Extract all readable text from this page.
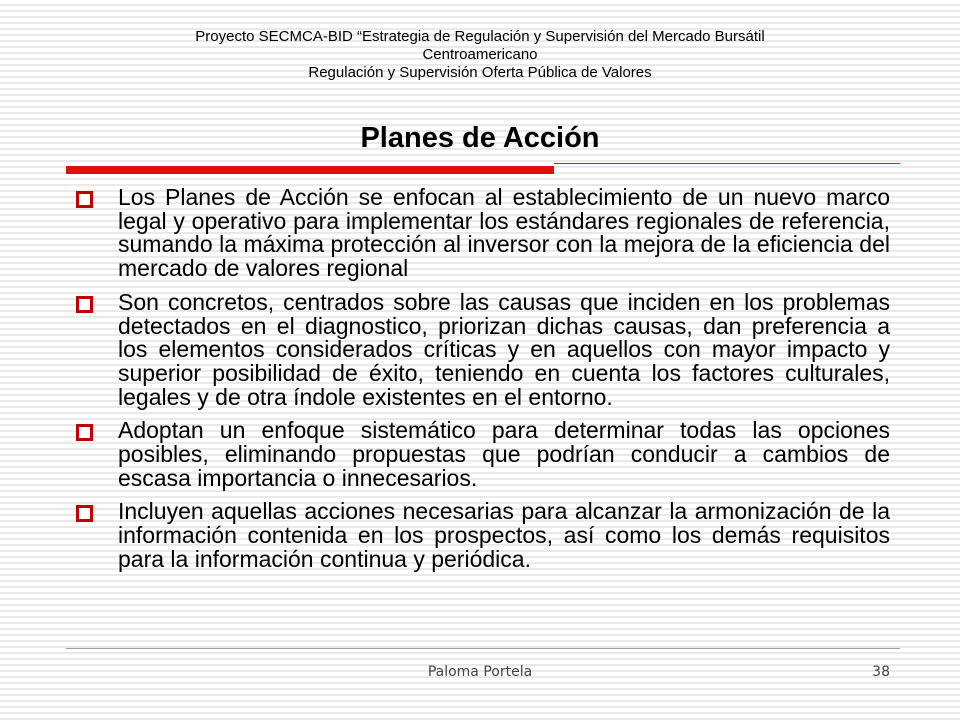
Proyecto SECMCA-BID “Estrategia de Regulación y Supervisión del Mercado Bursátil
Centroamericano
Regulación y Supervisión Oferta Pública de Valores
Planes de Acción
Los Planes de Acción se enfocan al establecimiento de un nuevo marco legal y operativo para implementar los estándares regionales de referencia, sumando la máxima protección al inversor con la mejora de la eficiencia del mercado de valores regional
Son concretos, centrados sobre las causas que inciden en los problemas detectados en el diagnostico, priorizan dichas causas, dan preferencia a los elementos considerados críticas y en aquellos con mayor impacto y superior posibilidad de éxito, teniendo en cuenta los factores culturales, legales y de otra índole existentes en el entorno.
Adoptan un enfoque sistemático para determinar todas las opciones posibles, eliminando propuestas que podrían conducir a cambios de escasa importancia o innecesarios.
Incluyen aquellas acciones necesarias para alcanzar la armonización de la información contenida en los prospectos, así como los demás requisitos para la información continua y periódica.
Paloma Portela	38
